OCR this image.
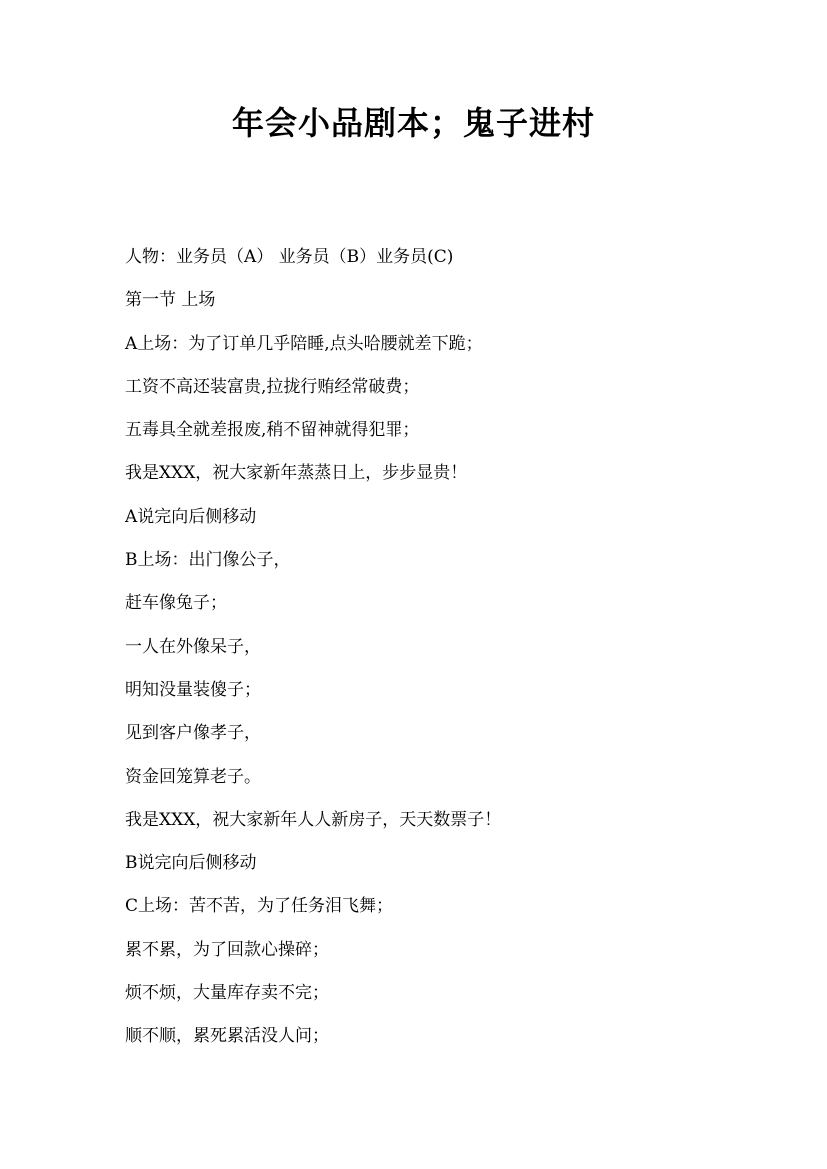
年会小品剧本；鬼子进村
人物：业务员（A） 业务员（B）业务员(C)
第一节 上场
A上场：为了订单几乎陪睡,点头哈腰就差下跪；
工资不高还装富贵,拉拢行贿经常破费；
五毒具全就差报废,稍不留神就得犯罪；
我是XXX，祝大家新年蒸蒸日上，步步显贵！
A说完向后侧移动
B上场：出门像公子，
赶车像兔子；
一人在外像呆子，
明知没量装傻子；
见到客户像孝子，
资金回笼算老子。
我是XXX，祝大家新年人人新房子，天天数票子！
B说完向后侧移动
C上场：苦不苦，为了任务泪飞舞；
累不累，为了回款心操碎；
烦不烦，大量库存卖不完；
顺不顺，累死累活没人问；
